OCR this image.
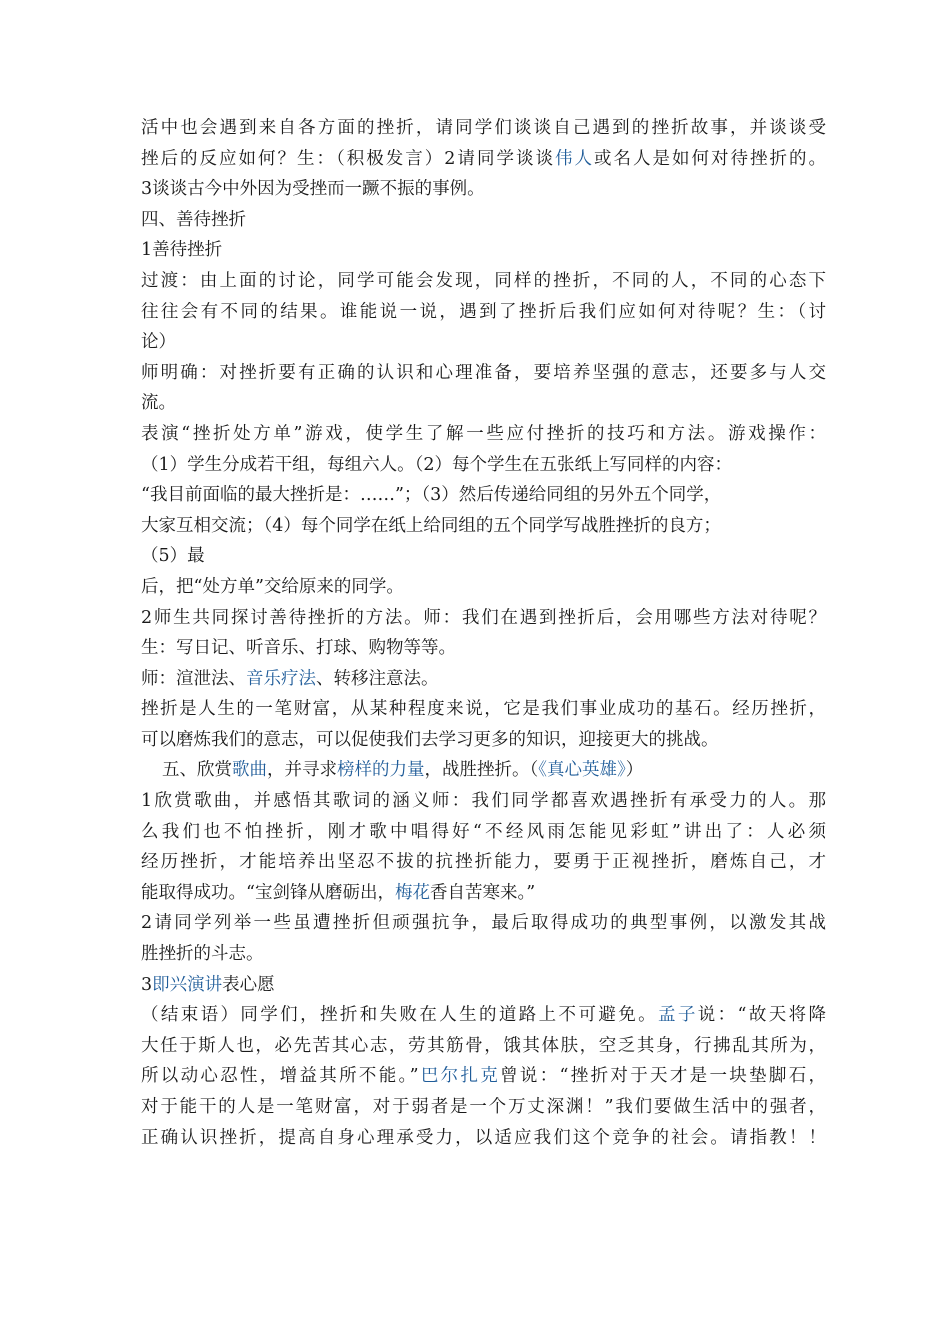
活中也会遇到来自各方面的挫折，请同学们谈谈自己遇到的挫折故事，并谈谈受
挫后的反应如何？生：（积极发言）2请同学谈谈伟人或名人是如何对待挫折的。
3谈谈古今中外因为受挫而一蹶不振的事例。
四、善待挫折
1善待挫折
过渡：由上面的讨论，同学可能会发现，同样的挫折，不同的人，不同的心态下
往往会有不同的结果。谁能说一说，遇到了挫折后我们应如何对待呢？生：（讨
论）
师明确：对挫折要有正确的认识和心理准备，要培养坚强的意志，还要多与人交
流。
表演“挫折处方单”游戏，使学生了解一些应付挫折的技巧和方法。游戏操作：
（1）学生分成若干组，每组六人。（2）每个学生在五张纸上写同样的内容：
“我目前面临的最大挫折是：……”；（3）然后传递给同组的另外五个同学，
大家互相交流；（4）每个同学在纸上给同组的五个同学写战胜挫折的良方；
（5）最
后，把“处方单”交给原来的同学。
2师生共同探讨善待挫折的方法。师：我们在遇到挫折后，会用哪些方法对待呢？
生：写日记、听音乐、打球、购物等等。
师：渲泄法、音乐疗法、转移注意法。
挫折是人生的一笔财富，从某种程度来说，它是我们事业成功的基石。经历挫折，
可以磨炼我们的意志，可以促使我们去学习更多的知识，迎接更大的挑战。
五、欣赏歌曲，并寻求榜样的力量，战胜挫折。（《真心英雄》）
1欣赏歌曲，并感悟其歌词的涵义师：我们同学都喜欢遇挫折有承受力的人。那
么我们也不怕挫折，刚才歌中唱得好“不经风雨怎能见彩虹”讲出了：人必须
经历挫折，才能培养出坚忍不拔的抗挫折能力，要勇于正视挫折，磨炼自己，才
能取得成功。“宝剑锋从磨砺出，梅花香自苦寒来。”
2请同学列举一些虽遭挫折但顽强抗争，最后取得成功的典型事例，以激发其战
胜挫折的斗志。
3即兴演讲表心愿
（结束语）同学们，挫折和失败在人生的道路上不可避免。孟子说：“故天将降
大任于斯人也，必先苦其心志，劳其筋骨，饿其体肤，空乏其身，行拂乱其所为，
所以动心忍性，增益其所不能。”巴尔扎克曾说：“挫折对于天才是一块垫脚石，
对于能干的人是一笔财富，对于弱者是一个万丈深渊！”我们要做生活中的强者，
正确认识挫折，提高自身心理承受力，以适应我们这个竞争的社会。请指教！！
